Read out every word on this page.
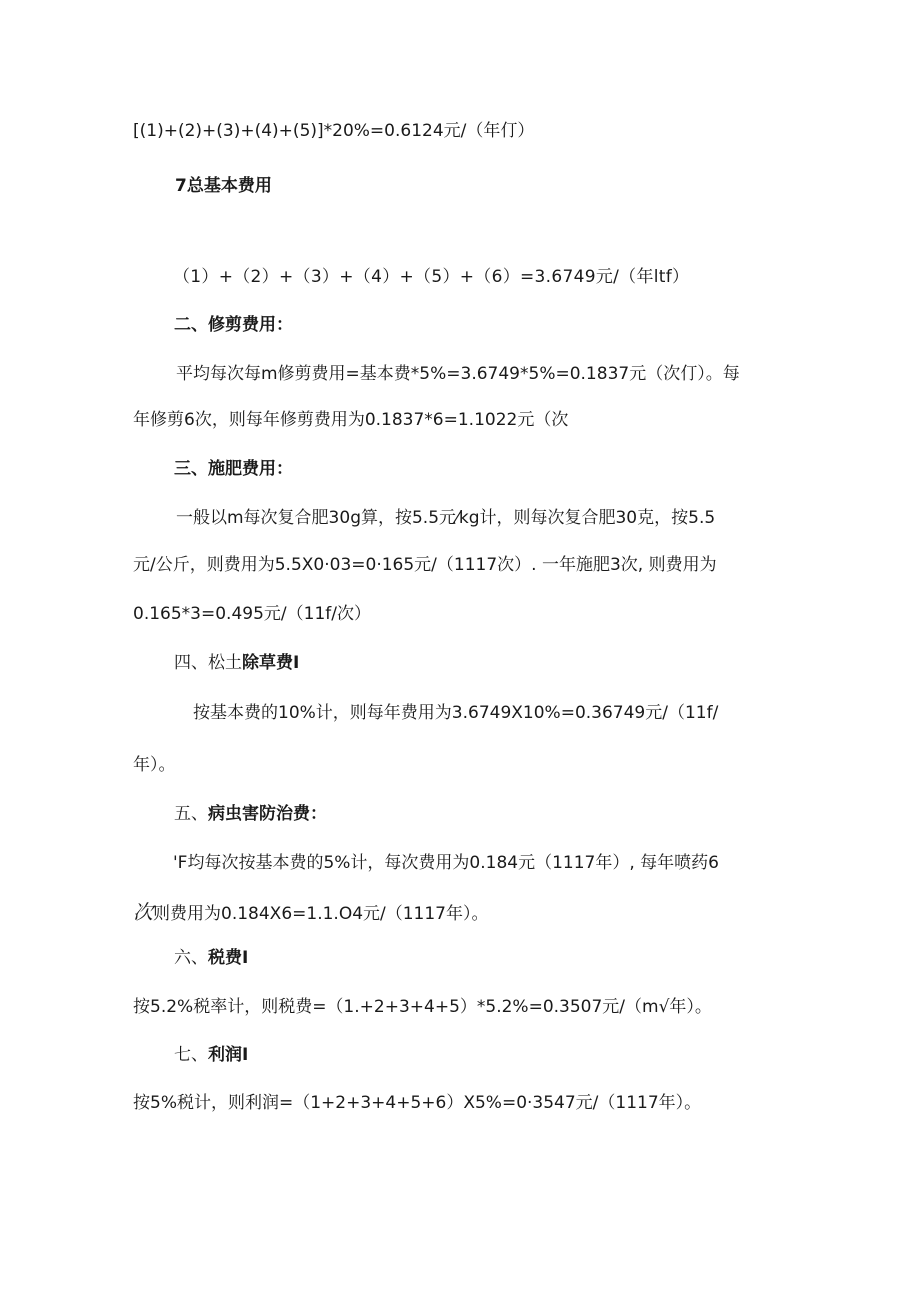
[(1)+(2)+(3)+(4)+(5)]*20%=0.6124元/（年仃）

7总基本费用

（1）+（2）+（3）+（4）+（5）+（6）=3.6749元/（年ltf）

二、修剪费用：

平均每次每m修剪费用=基本费*5%=3.6749*5%=0.1837元（次仃）。每

年修剪6次，则每年修剪费用为0.1837*6=1.1022元（次

三、施肥费用：

一般以m每次复合肥30g算，按5.5元⁄kg计，则每次复合肥30克，按5.5

元/公斤，则费用为5.5X0·03=0·165元/（1117次）. 一年施肥3次, 则费用为

0.165*3=0.495元/（11f/次）

四、松土除草费I

按基本费的10%计，则每年费用为3.6749X10%=0.36749元/（11f/

年）。

五、病虫害防治费：

'F均每次按基本费的5%计，每次费用为0.184元（1117年）, 每年喷药6

次则费用为0.184X6=1.1.O4元/（1117年）。

六、税费I

按5.2%税率计，则税费=（1.+2+3+4+5）*5.2%=0.3507元/（m√年）。

七、利润I

按5%税计，则利润=（1+2+3+4+5+6）X5%=0·3547元/（1117年）。
